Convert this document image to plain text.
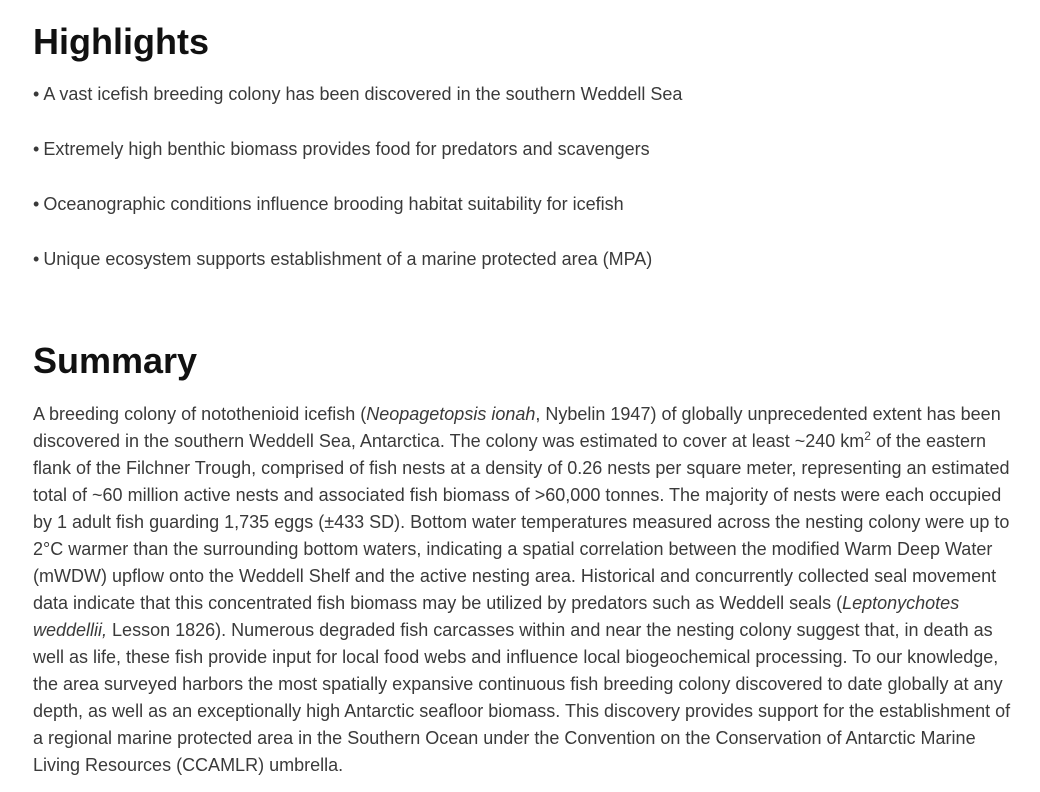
Highlights
• A vast icefish breeding colony has been discovered in the southern Weddell Sea
• Extremely high benthic biomass provides food for predators and scavengers
• Oceanographic conditions influence brooding habitat suitability for icefish
• Unique ecosystem supports establishment of a marine protected area (MPA)
Summary

A breeding colony of notothenioid icefish (Neopagetopsis ionah, Nybelin 1947) of globally unprecedented extent has been discovered in the southern Weddell Sea, Antarctica. The colony was estimated to cover at least ~240 $km^2$ of the eastern flank of the Filchner Trough, comprised of fish nests at a density of 0.26 nests per square meter, representing an estimated total of ~60 million active nests and associated fish biomass of >60,000 tonnes. The majority of nests were each occupied by 1 adult fish guarding 1,735 eggs (±433 SD). Bottom water temperatures measured across the nesting colony were up to 2°C warmer than the surrounding bottom waters, indicating a spatial correlation between the modified Warm Deep Water (mWDW) upflow onto the Weddell Shelf and the active nesting area. Historical and concurrently collected seal movement data indicate that this concentrated fish biomass may be utilized by predators such as Weddell seals (Leptonychotes weddellii, Lesson 1826). Numerous degraded fish carcasses within and near the nesting colony suggest that, in death as well as life, these fish provide input for local food webs and influence local biogeochemical processing. To our knowledge, the area surveyed harbors the most spatially expansive continuous fish breeding colony discovered to date globally at any depth, as well as an exceptionally high Antarctic seafloor biomass. This discovery provides support for the establishment of a regional marine protected area in the Southern Ocean under the Convention on the Conservation of Antarctic Marine Living Resources (CCAMLR) umbrella.
